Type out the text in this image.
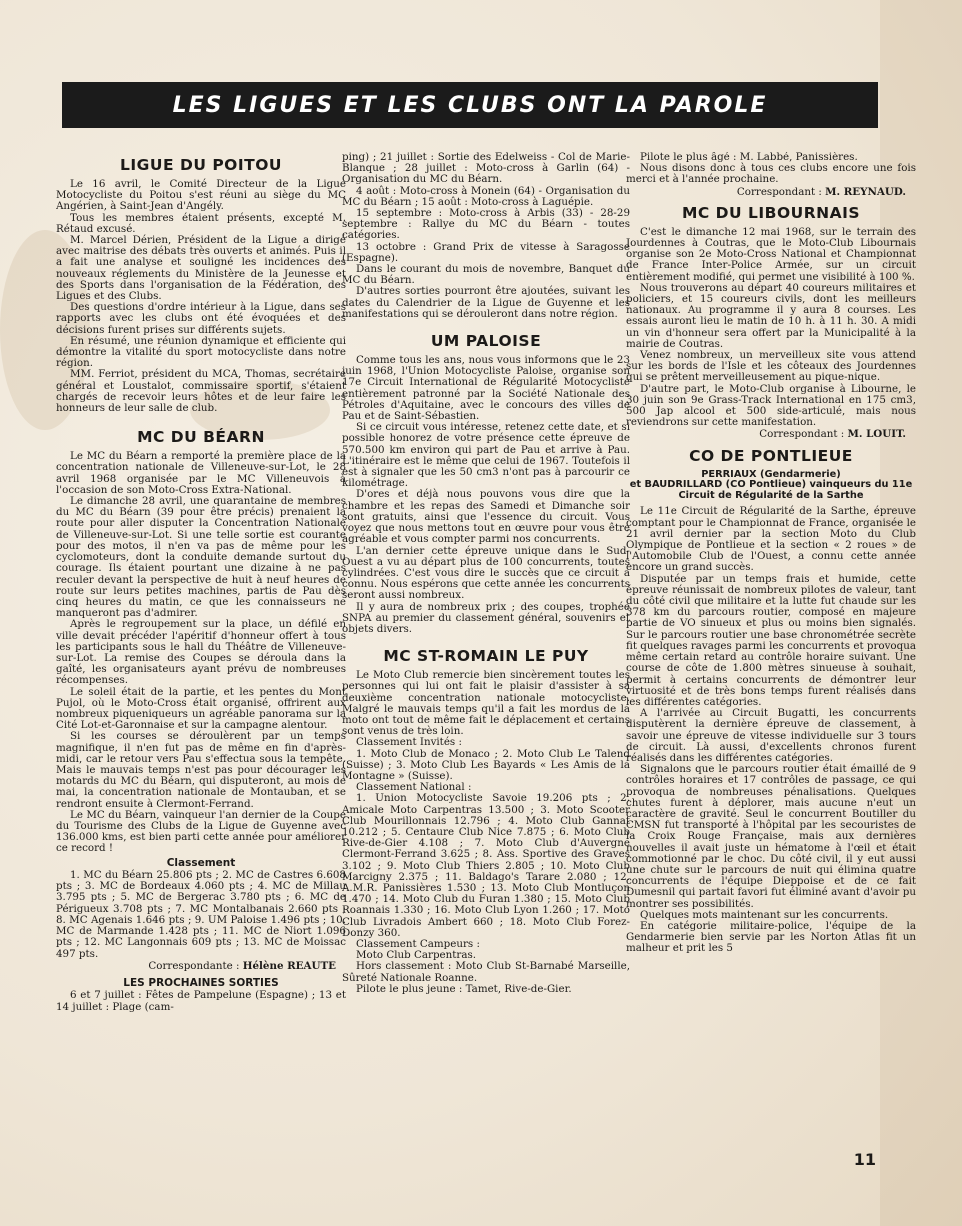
LES LIGUES ET LES CLUBS ONT LA PAROLE
LIGUE DU POITOU

Le 16 avril, le Comité Directeur de la Ligue Motocycliste du Poitou s'est réuni au siège du MC Angérien, à Saint-Jean d'Angély.

Tous les membres étaient présents, excepté M. Rétaud excusé.

M. Marcel Dérien, Président de la Ligue a dirigé avec maitrise des débats très ouverts et animés. Puis il a fait une analyse et souligné les incidences des nouveaux réglements du Ministère de la Jeunesse et des Sports dans l'organisation de la Fédération, des Ligues et des Clubs.

Des questions d'ordre intérieur à la Ligue, dans ses rapports avec les clubs ont été évoquées et des décisions furent prises sur différents sujets.

En résumé, une réunion dynamique et efficiente qui démontre la vitalité du sport motocycliste dans notre région.

MM. Ferriot, président du MCA, Thomas, secrétaire général et Loustalot, commissaire sportif, s'étaient chargés de recevoir leurs hôtes et de leur faire les honneurs de leur salle de club.

MC DU BÉARN

Le MC du Béarn a remporté la première place de la concentration nationale de Villeneuve-sur-Lot, le 28 avril 1968 organisée par le MC Villeneuvois à l'occasion de son Moto-Cross Extra-National.

Le dimanche 28 avril, une quarantaine de membres du MC du Béarn (39 pour être précis) prenaient la route pour aller disputer la Concentration Nationale de Villeneuve-sur-Lot. Si une telle sortie est courante pour des motos, il n'en va pas de même pour les cyclomoteurs, dont la conduite demande surtout du courage. Ils étaient pourtant une dizaine à ne pas reculer devant la perspective de huit à neuf heures de route sur leurs petites machines, partis de Pau dès cinq heures du matin, ce que les connaisseurs ne manqueront pas d'admirer.

Après le regroupement sur la place, un défilé en ville devait précéder l'apéritif d'honneur offert à tous les participants sous le hall du Théâtre de Villeneuve-sur-Lot. La remise des Coupes se déroula dans la gaîté, les organisateurs ayant prévu de nombreuses récompenses.

Le soleil était de la partie, et les pentes du Mont Pujol, où le Moto-Cross était organisé, offrirent aux nombreux piqueniqueurs un agréable panorama sur la Cité Lot-et-Garonnaise et sur la campagne alentour.

Si les courses se déroulèrent par un temps magnifique, il n'en fut pas de même en fin d'après-midi, car le retour vers Pau s'effectua sous la tempête. Mais le mauvais temps n'est pas pour décourager les motards du MC du Béarn, qui disputeront, au mois de mai, la concentration nationale de Montauban, et se rendront ensuite à Clermont-Ferrand.

Le MC du Béarn, vainqueur l'an dernier de la Coupe du Tourisme des Clubs de la Ligue de Guyenne avec 136.000 kms, est bien parti cette année pour améliorer ce record !

Classement

1. MC du Béarn 25.806 pts ; 2. MC de Castres 6.608 pts ; 3. MC de Bordeaux 4.060 pts ; 4. MC de Millau 3.795 pts ; 5. MC de Bergerac 3.780 pts ; 6. MC de Périgueux 3.708 pts ; 7. MC Montalbanais 2.660 pts ; 8. MC Agenais 1.646 pts ; 9. UM Paloise 1.496 pts ; 10. MC de Marmande 1.428 pts ; 11. MC de Niort 1.096 pts ; 12. MC Langonnais 609 pts ; 13. MC de Moissac 497 pts.

Correspondante : Hélène REAUTE

LES PROCHAINES SORTIES

6 et 7 juillet : Fêtes de Pampelune (Espagne) ; 13 et 14 juillet : Plage (cam-

ping) ; 21 juillet : Sortie des Edelweiss - Col de Marie-Blanque ; 28 juillet : Moto-cross à Garlin (64) - Organisation du MC du Béarn.

4 août : Moto-cross à Monein (64) - Organisation du MC du Béarn ; 15 août : Moto-cross à Laguépie.

15 septembre : Moto-cross à Arbis (33) - 28-29 septembre : Rallye du MC du Béarn - toutes catégories.

13 octobre : Grand Prix de vitesse à Saragosse (Espagne).

Dans le courant du mois de novembre, Banquet du MC du Béarn.

D'autres sorties pourront être ajoutées, suivant les dates du Calendrier de la Ligue de Guyenne et les manifestations qui se dérouleront dans notre région.

UM PALOISE

Comme tous les ans, nous vous informons que le 23 juin 1968, l'Union Motocycliste Paloise, organise son 17e Circuit International de Régularité Motocycliste entièrement patronné par la Société Nationale des Pétroles d'Aquitaine, avec le concours des villes de Pau et de Saint-Sébastien.

Si ce circuit vous intéresse, retenez cette date, et si possible honorez de votre présence cette épreuve de 570.500 km environ qui part de Pau et arrive à Pau. L'itinéraire est le même que celui de 1967. Toutefois il est à signaler que les 50 cm3 n'ont pas à parcourir ce kilométrage.

D'ores et déjà nous pouvons vous dire que la chambre et les repas des Samedi et Dimanche soir sont gratuits, ainsi que l'essence du circuit. Vous voyez que nous mettons tout en œuvre pour vous être agréable et vous compter parmi nos concurrents.

L'an dernier cette épreuve unique dans le Sud-Ouest a vu au départ plus de 100 concurrents, toutes cylindrées. C'est vous dire le succès que ce circuit a connu. Nous espérons que cette année les concurrents seront aussi nombreux.

Il y aura de nombreux prix ; des coupes, trophée SNPA au premier du classement général, souvenirs et objets divers.

MC ST-ROMAIN LE PUY

Le Moto Club remercie bien sincèrement toutes les personnes qui lui ont fait le plaisir d'assister à sa deuxième concentration nationale motocycliste. Malgré le mauvais temps qu'il a fait les mordus de la moto ont tout de même fait le déplacement et certains sont venus de très loin.

Classement Invités :

1. Moto Club de Monaco ; 2. Moto Club Le Talend (Suisse) ; 3. Moto Club Les Bayards « Les Amis de la Montagne » (Suisse).

Classement National :

1. Union Motocycliste Savoie 19.206 pts ; 2. Amicale Moto Carpentras 13.500 ; 3. Moto Scooter Club Mourillonnais 12.796 ; 4. Moto Club Gannat 10.212 ; 5. Centaure Club Nice 7.875 ; 6. Moto Club Rive-de-Gier 4.108 ; 7. Moto Club d'Auvergne Clermont-Ferrand 3.625 ; 8. Ass. Sportive des Graves 3.102 ; 9. Moto Club Thiers 2.805 ; 10. Moto Club Marcigny 2.375 ; 11. Baldago's Tarare 2.080 ; 12. A.M.R. Panissières 1.530 ; 13. Moto Club Montluçon 1.470 ; 14. Moto Club du Furan 1.380 ; 15. Moto Club Roannais 1.330 ; 16. Moto Club Lyon 1.260 ; 17. Moto Club Livradois Ambert 660 ; 18. Moto Club Forez-Donzy 360.

Classement Campeurs :

Moto Club Carpentras.

Hors classement : Moto Club St-Barnabé Marseille, Sûreté Nationale Roanne.

Pilote le plus jeune : Tamet, Rive-de-Gier.

Pilote le plus âgé : M. Labbé, Panissières.

Nous disons donc à tous ces clubs encore une fois merci et à l'année prochaine.

Correspondant : M. REYNAUD.

MC DU LIBOURNAIS

C'est le dimanche 12 mai 1968, sur le terrain des Jourdennes à Coutras, que le Moto-Club Libournais organise son 2e Moto-Cross National et Championnat de France Inter-Police Armée, sur un circuit entièrement modifié, qui permet une visibilité à 100 %.

Nous trouverons au départ 40 coureurs militaires et policiers, et 15 coureurs civils, dont les meilleurs nationaux. Au programme il y aura 8 courses. Les essais auront lieu le matin de 10 h. à 11 h. 30. A midi un vin d'honneur sera offert par la Municipalité à la mairie de Coutras.

Venez nombreux, un merveilleux site vous attend sur les bords de l'Isle et les côteaux des Jourdennes qui se prêtent merveilleusement au pique-nique.

D'autre part, le Moto-Club organise à Libourne, le 30 juin son 9e Grass-Track International en 175 cm3, 500 Jap alcool et 500 side-articulé, mais nous reviendrons sur cette manifestation.

Correspondant : M. LOUIT.

CO DE PONTLIEUE
PERRIAUX (Gendarmerie)
et BAUDRILLARD (CO Pontlieue) vainqueurs du 11e Circuit de Régularité de la Sarthe

Le 11e Circuit de Régularité de la Sarthe, épreuve comptant pour le Championnat de France, organisée le 21 avril dernier par la section Moto du Club Olympique de Pontlieue et la section « 2 roues » de l'Automobile Club de l'Ouest, a connu cette année encore un grand succès.

Disputée par un temps frais et humide, cette épreuve réunissait de nombreux pilotes de valeur, tant du côté civil que militaire et la lutte fut chaude sur les 378 km du parcours routier, composé en majeure partie de VO sinueux et plus ou moins bien signalés. Sur le parcours routier une base chronométrée secrète fit quelques ravages parmi les concurrents et provoqua même certain retard au contrôle horaire suivant. Une course de côte de 1.800 mètres sinueuse à souhait, permit à certains concurrents de démontrer leur virtuosité et de très bons temps furent réalisés dans les différentes catégories.

A l'arrivée au Circuit Bugatti, les concurrents disputèrent la dernière épreuve de classement, à savoir une épreuve de vitesse individuelle sur 3 tours de circuit. Là aussi, d'excellents chronos furent réalisés dans les différentes catégories.

Signalons que le parcours routier était émaillé de 9 contrôles horaires et 17 contrôles de passage, ce qui provoqua de nombreuses pénalisations. Quelques chutes furent à déplorer, mais aucune n'eut un caractère de gravité. Seul le concurrent Boutiller du CMSN fut transporté à l'hôpital par les secouristes de la Croix Rouge Française, mais aux dernières nouvelles il avait juste un hématome à l'œil et était commotionné par le choc. Du côté civil, il y eut aussi une chute sur le parcours de nuit qui élimina quatre concurrents de l'équipe Dieppoise et de ce fait Dumesnil qui partait favori fut éliminé avant d'avoir pu montrer ses possibilités.

Quelques mots maintenant sur les concurrents.

En catégorie militaire-police, l'équipe de la Gendarmerie bien servie par les Norton Atlas fit un malheur et prit les 5

11
